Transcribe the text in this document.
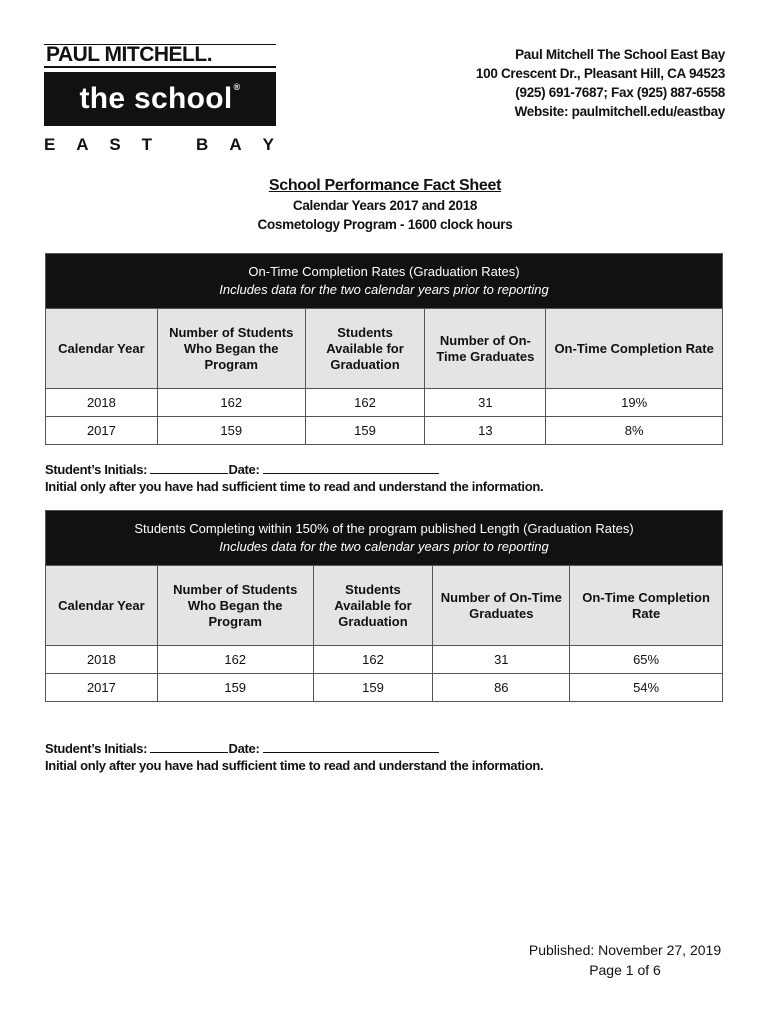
PAUL MITCHELL.
the school®
E A S T	B A Y
Paul Mitchell The School East Bay
100 Crescent Dr., Pleasant Hill, CA 94523
(925) 691-7687; Fax (925) 887-6558
Website: paulmitchell.edu/eastbay
School Performance Fact Sheet
Calendar Years 2017 and 2018
Cosmetology Program - 1600 clock hours
On-Time Completion Rates (Graduation Rates)
Includes data for the two calendar years prior to reporting				

Calendar Year	Number of Students Who Began the Program	Students Available for Graduation	Number of On-Time Graduates	On-Time Completion Rate
2018	162	162	31	19%
2017	159	159	13	8%
Student’s Initials:	Date:
Initial only after you have had sufficient time to read and understand the information.
Students Completing within 150% of the program published Length (Graduation Rates)
Includes data for the two calendar years prior to reporting				

Calendar Year	Number of Students Who Began the Program	Students Available for Graduation	Number of On-Time Graduates	On-Time Completion Rate
2018	162	162	31	65%
2017	159	159	86	54%
Student’s Initials:	Date:
Initial only after you have had sufficient time to read and understand the information.
Published: November 27, 2019
Page 1 of 6
